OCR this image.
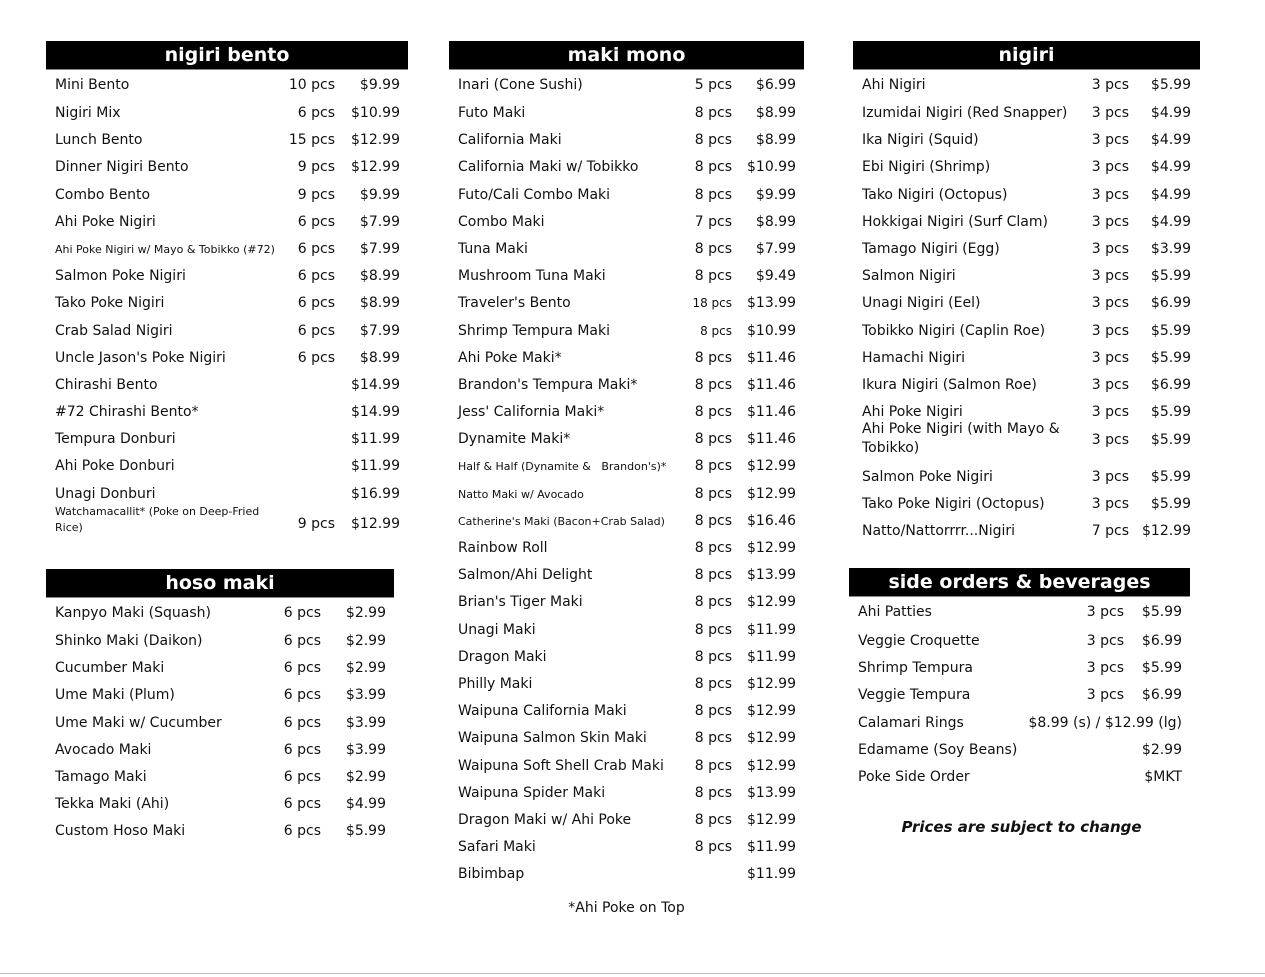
nigiri bento
Mini Bento	10 pcs $9.99
Nigiri Mix	6 pcs $10.99
Lunch Bento	15 pcs $12.99
Dinner Nigiri Bento	9 pcs $12.99
Combo Bento	9 pcs $9.99
Ahi Poke Nigiri	6 pcs $7.99
Ahi Poke Nigiri w/ Mayo & Tobikko (#72) 6 pcs $7.99
Salmon Poke Nigiri	6 pcs $8.99
Tako Poke Nigiri	6 pcs $8.99
Crab Salad Nigiri	6 pcs $7.99
Uncle Jason's Poke Nigiri	6 pcs $8.99
Chirashi Bento	$14.99
#72 Chirashi Bento*	$14.99
Tempura Donburi	$11.99
Ahi Poke Donburi	$11.99
Unagi Donburi	$16.99
Watchamacallit* (Poke on Deep-Fried Rice)	9 pcs $12.99
hoso maki
Kanpyo Maki (Squash)	6 pcs $2.99
Shinko Maki (Daikon)	6 pcs $2.99
Cucumber Maki	6 pcs $2.99
Ume Maki (Plum)	6 pcs $3.99
Ume Maki w/ Cucumber	6 pcs $3.99
Avocado Maki	6 pcs $3.99
Tamago Maki	6 pcs $2.99
Tekka Maki (Ahi)	6 pcs $4.99
Custom Hoso Maki	6 pcs $5.99
maki mono
Inari (Cone Sushi)	5 pcs $6.99
Futo Maki	8 pcs $8.99
California Maki	8 pcs $8.99
California Maki w/ Tobikko	8 pcs $10.99
Futo/Cali Combo Maki	8 pcs $9.99
Combo Maki	7 pcs $8.99
Tuna Maki	8 pcs $7.99
Mushroom Tuna Maki	8 pcs $9.49
Traveler's Bento	18 pcs $13.99
Shrimp Tempura Maki	8 pcs $10.99
Ahi Poke Maki*	8 pcs $11.46
Brandon's Tempura Maki*	8 pcs $11.46
Jess' California Maki*	8 pcs $11.46
Dynamite Maki*	8 pcs $11.46
Half & Half (Dynamite &   Brandon's)* 8 pcs $12.99
Natto Maki w/ Avocado	8 pcs $12.99
Catherine's Maki (Bacon+Crab Salad) 8 pcs $16.46
Rainbow Roll	8 pcs $12.99
Salmon/Ahi Delight	8 pcs $13.99
Brian's Tiger Maki	8 pcs $12.99
Unagi Maki	8 pcs $11.99
Dragon Maki	8 pcs $11.99
Philly Maki	8 pcs $12.99
Waipuna California Maki	8 pcs $12.99
Waipuna Salmon Skin Maki	8 pcs $12.99
Waipuna Soft Shell Crab Maki 8 pcs $12.99
Waipuna Spider Maki	8 pcs $13.99
Dragon Maki w/ Ahi Poke	8 pcs $12.99
Safari Maki	8 pcs $11.99
Bibimbap	$11.99
*Ahi Poke on Top
nigiri
Ahi Nigiri	3 pcs $5.99
Izumidai Nigiri (Red Snapper) 3 pcs $4.99
Ika Nigiri (Squid)	3 pcs $4.99
Ebi Nigiri (Shrimp)	3 pcs $4.99
Tako Nigiri (Octopus)	3 pcs $4.99
Hokkigai Nigiri (Surf Clam)	3 pcs $4.99
Tamago Nigiri (Egg)	3 pcs $3.99
Salmon Nigiri	3 pcs $5.99
Unagi Nigiri (Eel)	3 pcs $6.99
Tobikko Nigiri (Caplin Roe)	3 pcs $5.99
Hamachi Nigiri	3 pcs $5.99
Ikura Nigiri (Salmon Roe)	3 pcs $6.99
Ahi Poke Nigiri	3 pcs $5.99
Ahi Poke Nigiri (with Mayo & Tobikko)	3 pcs $5.99
Salmon Poke Nigiri	3 pcs $5.99
Tako Poke Nigiri (Octopus)	3 pcs $5.99
Natto/Nattorrrr...Nigiri	7 pcs $12.99
side orders & beverages
Ahi Patties	3 pcs $5.99
Veggie Croquette	3 pcs $6.99
Shrimp Tempura	3 pcs $5.99
Veggie Tempura	3 pcs $6.99
Calamari Rings	$8.99 (s) / $12.99 (lg)
Edamame (Soy Beans)	$2.99
Poke Side Order	$MKT
Prices are subject to change
